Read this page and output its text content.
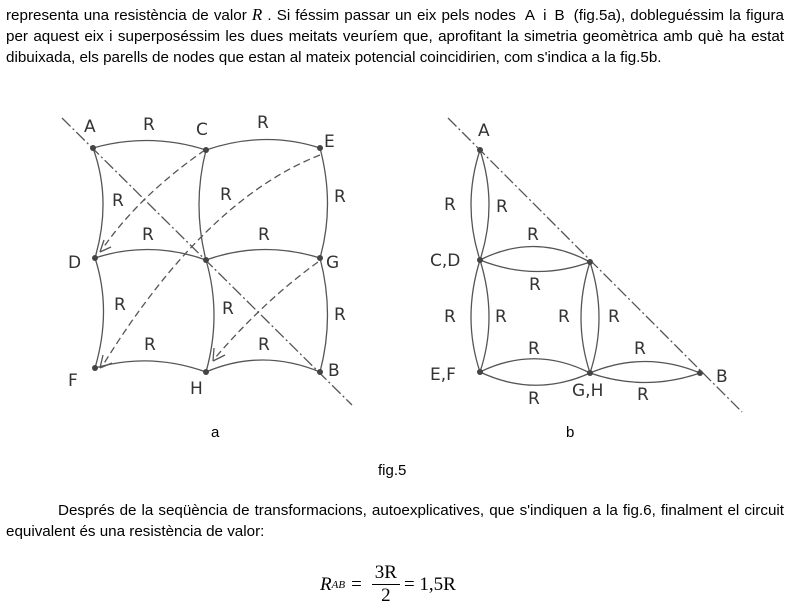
representa una resistència de valor R . Si féssim passar un eix pels nodes A i B (fig.5a), dobleguéssim la figura per aquest eix i superposéssim les dues meitats veuríem que, aprofitant la simetria geomètrica amb què ha estat dibuixada, els parells de nodes que estan al mateix potencial coincidirien, com s'indica a la fig.5b.

A	C
E
D	G
F	H
B
R	R
R	R	R
R	R
R	R	R
R	R
A
C,D
E,F
G,H
B
R R
R
R
R R	R R
R
R
R
R
a	b
fig.5

Després de la seqüència de transformacions, autoexplicatives, que s'indiquen a la fig.6, finalment el circuit equivalent és una resistència de valor:

R AB = $\frac{3R}{2} = 1,5R$
